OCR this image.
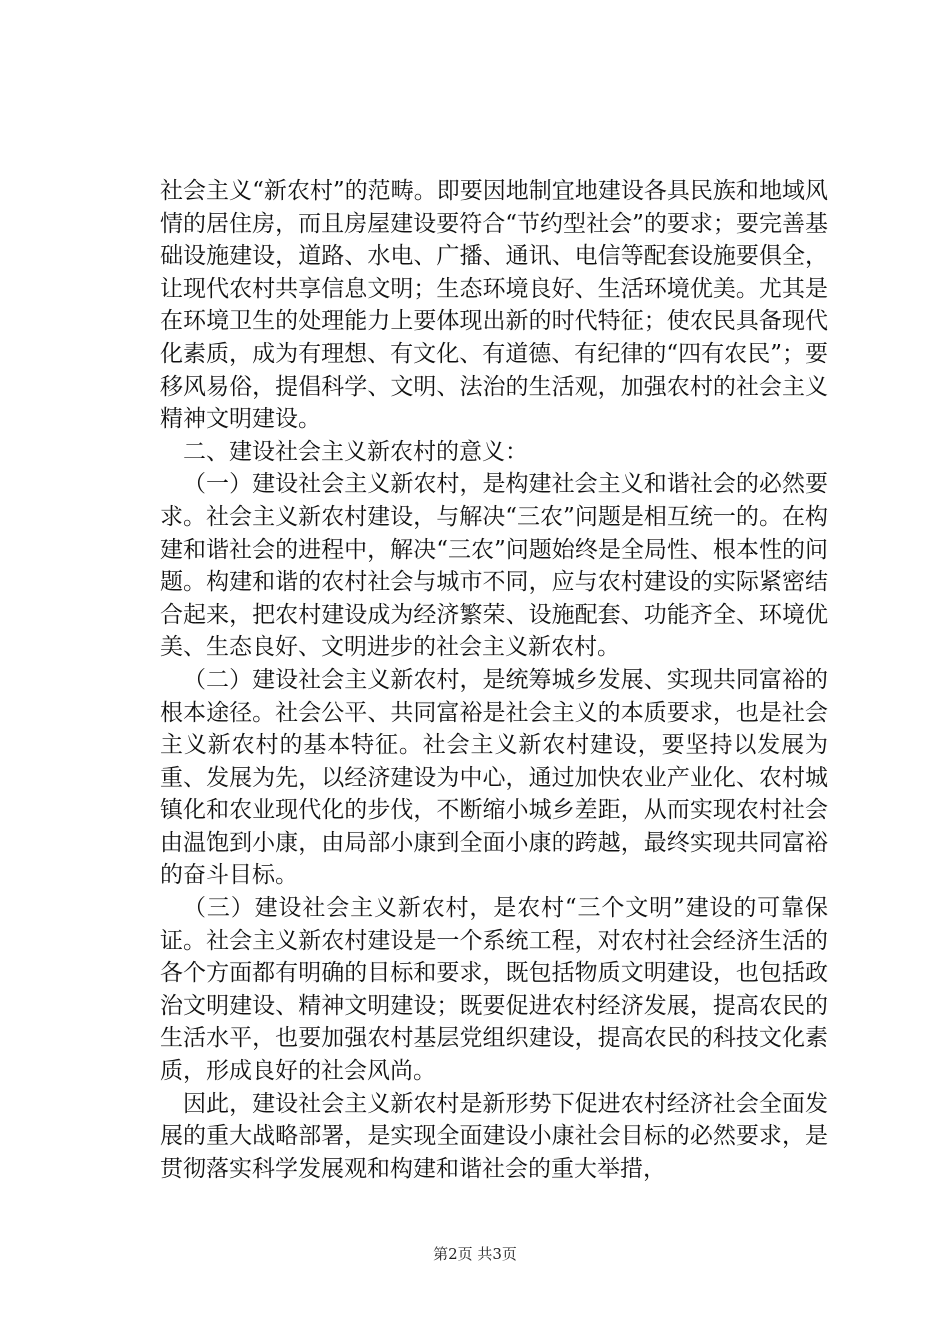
社会主义“新农村”的范畴。即要因地制宜地建设各具民族和地域风情的居住房，而且房屋建设要符合“节约型社会”的要求；要完善基础设施建设，道路、水电、广播、通讯、电信等配套设施要俱全，让现代农村共享信息文明；生态环境良好、生活环境优美。尤其是在环境卫生的处理能力上要体现出新的时代特征；使农民具备现代化素质，成为有理想、有文化、有道德、有纪律的“四有农民”；要移风易俗，提倡科学、文明、法治的生活观，加强农村的社会主义精神文明建设。

二、建设社会主义新农村的意义：

（一）建设社会主义新农村，是构建社会主义和谐社会的必然要求。社会主义新农村建设，与解决“三农”问题是相互统一的。在构建和谐社会的进程中，解决“三农”问题始终是全局性、根本性的问题。构建和谐的农村社会与城市不同，应与农村建设的实际紧密结合起来，把农村建设成为经济繁荣、设施配套、功能齐全、环境优美、生态良好、文明进步的社会主义新农村。

（二）建设社会主义新农村，是统筹城乡发展、实现共同富裕的根本途径。社会公平、共同富裕是社会主义的本质要求，也是社会主义新农村的基本特征。社会主义新农村建设，要坚持以发展为重、发展为先，以经济建设为中心，通过加快农业产业化、农村城镇化和农业现代化的步伐，不断缩小城乡差距，从而实现农村社会由温饱到小康，由局部小康到全面小康的跨越，最终实现共同富裕的奋斗目标。

（三）建设社会主义新农村，是农村“三个文明”建设的可靠保证。社会主义新农村建设是一个系统工程，对农村社会经济生活的各个方面都有明确的目标和要求，既包括物质文明建设，也包括政治文明建设、精神文明建设；既要促进农村经济发展，提高农民的生活水平，也要加强农村基层党组织建设，提高农民的科技文化素质，形成良好的社会风尚。

因此，建设社会主义新农村是新形势下促进农村经济社会全面发展的重大战略部署，是实现全面建设小康社会目标的必然要求，是贯彻落实科学发展观和构建和谐社会的重大举措，

第2页 共3页
